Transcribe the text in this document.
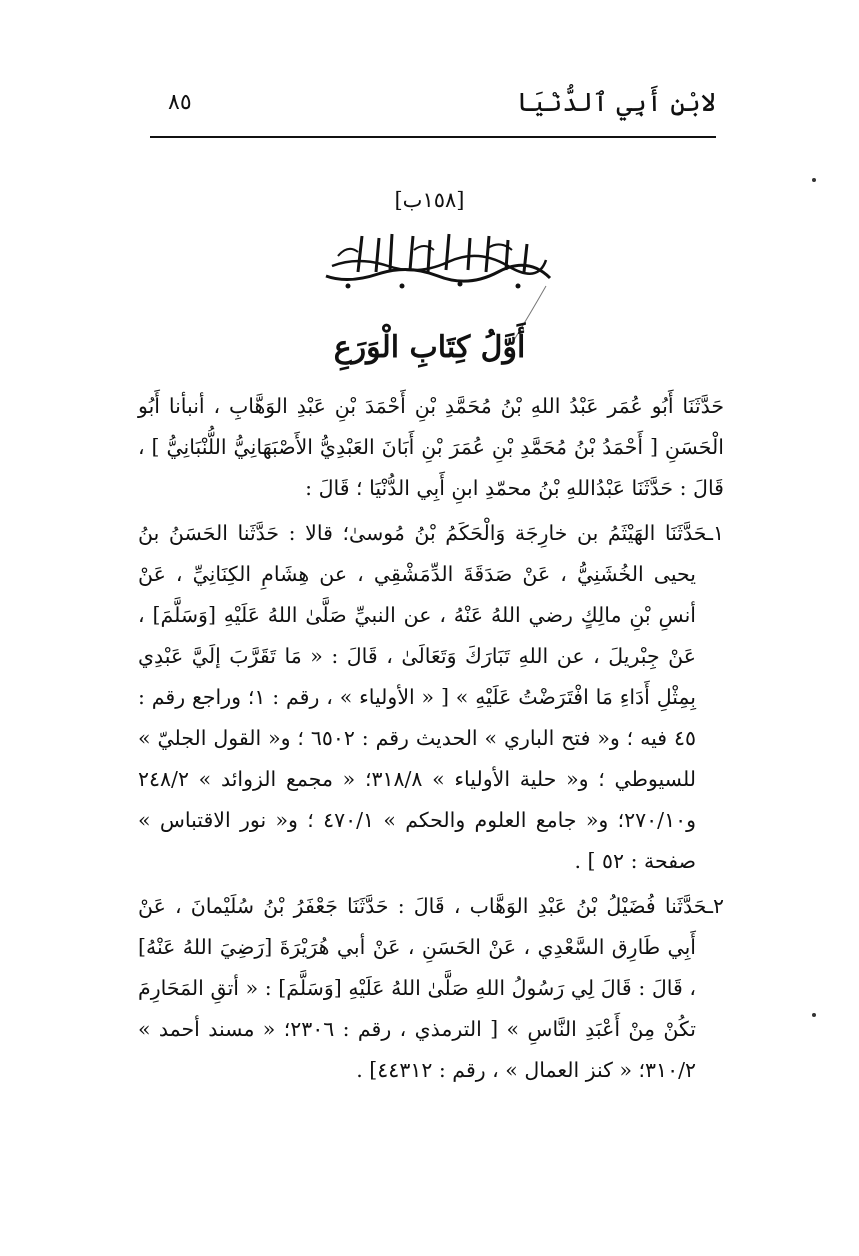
لابْنِ أَبِي ٱلدُّنْيَا
٨٥
[١٥٨ب]
أَوَّلُ كِتَابِ الْوَرَعِ

حَدَّثَنَا أَبُو عُمَر عَبْدُ اللهِ بْنُ مُحَمَّدِ بْنِ أَحْمَدَ بْنِ عَبْدِ الوَهَّابِ ، أنبأنا أَبُو الْحَسَنِ [ أَحْمَدُ بْنُ مُحَمَّدِ بْنِ عُمَرَ بْنِ أَبَانَ العَبْدِيُّ الأَصْبَهَانِيُّ اللُّنْبَانِيُّ ] ، قَالَ : حَدَّثَنَا عَبْدُاللهِ بْنُ محمّدِ ابنِ أَبِي الدُّنْيَا ؛ قَالَ :

١ـحَدَّثَنَا الهَيْثَمُ بن خارِجَة وَالْحَكَمُ بْنُ مُوسىٰ؛ قالا : حَدَّثَنا الحَسَنُ بنُ يحيى الخُشَنِيُّ ، عَنْ صَدَقَةَ الدِّمَشْقِي ، عن هِشَامِ الكِنَانِيِّ ، عَنْ أنسِ بْنِ مالِكٍ رضي اللهُ عَنْهُ ، عن النبيِّ صَلَّىٰ اللهُ عَلَيْهِ [وَسَلَّمَ] ، عَنْ جِبْريلَ ، عن اللهِ تَبَارَكَ وَتَعَالَىٰ ، قَالَ : « مَا تَقَرَّبَ إلَيَّ عَبْدِي بِمِثْلِ أَدَاءِ مَا افْتَرَضْتُ عَلَيْهِ » [ « الأولياء » ، رقم : ١؛ وراجع رقم : ٤٥ فيه ؛ و« فتح الباري » الحديث رقم : ٦٥٠٢ ؛ و« القول الجليّ » للسيوطي ؛ و« حلية الأولياء » ٣١٨/٨؛ « مجمع الزوائد » ٢٤٨/٢ و٢٧٠/١٠؛ و« جامع العلوم والحكم » ٤٧٠/١ ؛ و« نور الاقتباس » صفحة : ٥٢ ] .

٢ـحَدَّثَنا فُضَيْلُ بْنُ عَبْدِ الوَهَّاب ، قَالَ : حَدَّثَنَا جَعْفَرُ بْنُ سُلَيْمانَ ، عَنْ أَبِي طَارِق السَّعْدِي ، عَنْ الحَسَنِ ، عَنْ أبي هُرَيْرَةَ [رَضِيَ اللهُ عَنْهُ] ، قَالَ : قَالَ لِي رَسُولُ اللهِ صَلَّىٰ اللهُ عَلَيْهِ [وَسَلَّمَ] : « أتقِ المَحَارِمَ تكُنْ مِنْ أَعْبَدِ النَّاسِ » [ الترمذي ، رقم : ٢٣٠٦؛ « مسند أحمد » ٣١٠/٢؛ « كنز العمال » ، رقم : ٤٤٣١٢] .
